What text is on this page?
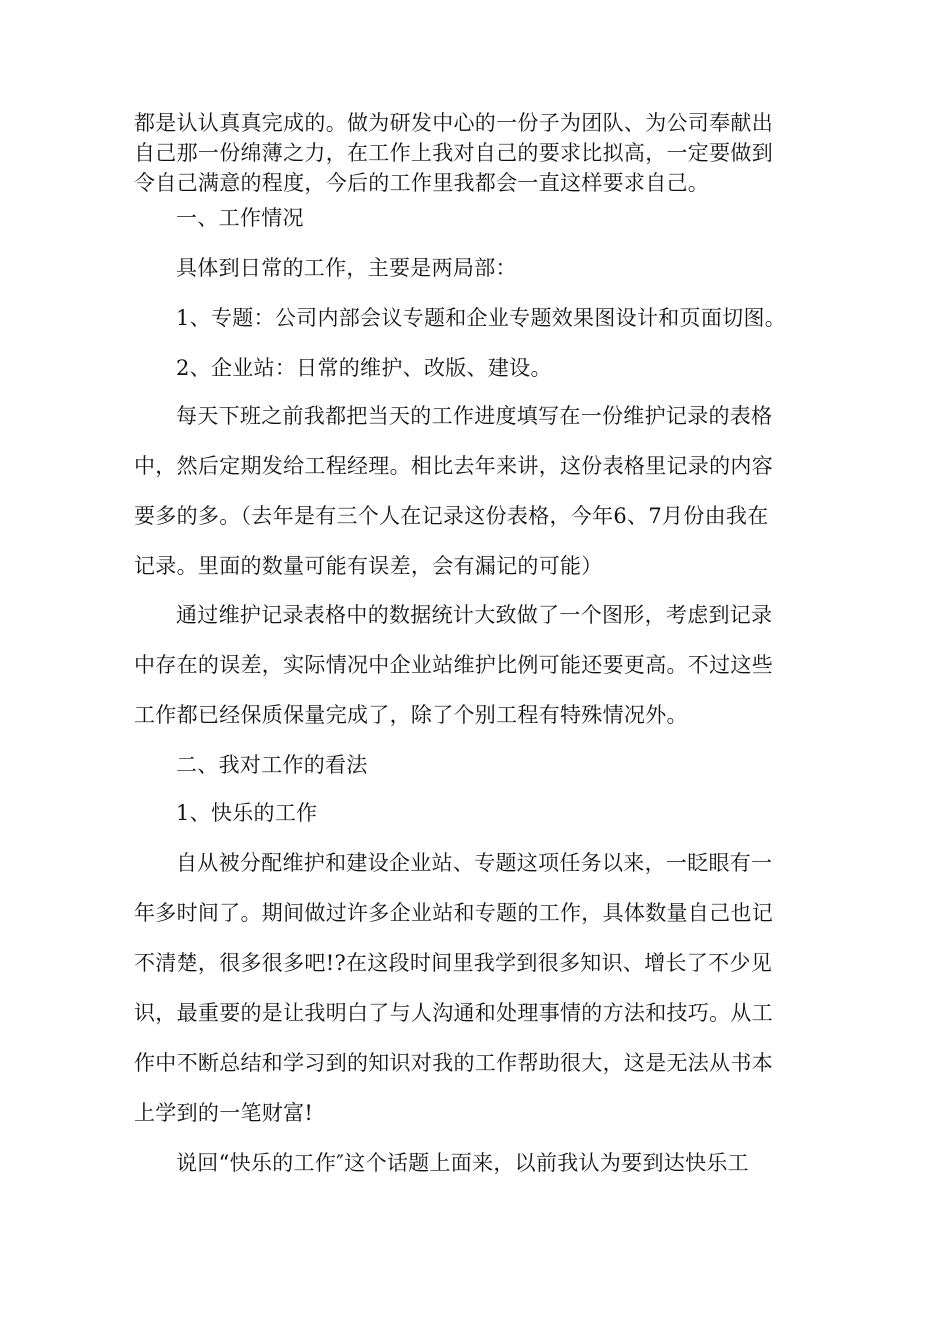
都是认认真真完成的。做为研发中心的一份子为团队、为公司奉献出
自己那一份绵薄之力，在工作上我对自己的要求比拟高，一定要做到
令自己满意的程度，今后的工作里我都会一直这样要求自己。
一、工作情况
具体到日常的工作，主要是两局部：
1、专题：公司内部会议专题和企业专题效果图设计和页面切图。
2、企业站：日常的维护、改版、建设。
每天下班之前我都把当天的工作进度填写在一份维护记录的表格
中，然后定期发给工程经理。相比去年来讲，这份表格里记录的内容
要多的多。（去年是有三个人在记录这份表格，今年6、7月份由我在
记录。里面的数量可能有误差，会有漏记的可能）
通过维护记录表格中的数据统计大致做了一个图形，考虑到记录
中存在的误差，实际情况中企业站维护比例可能还要更高。不过这些
工作都已经保质保量完成了，除了个别工程有特殊情况外。
二、我对工作的看法
1、快乐的工作
自从被分配维护和建设企业站、专题这项任务以来，一眨眼有一
年多时间了。期间做过许多企业站和专题的工作，具体数量自己也记
不清楚，很多很多吧!?在这段时间里我学到很多知识、增长了不少见
识，最重要的是让我明白了与人沟通和处理事情的方法和技巧。从工
作中不断总结和学习到的知识对我的工作帮助很大，这是无法从书本
上学到的一笔财富!
说回“快乐的工作″这个话题上面来，以前我认为要到达快乐工
